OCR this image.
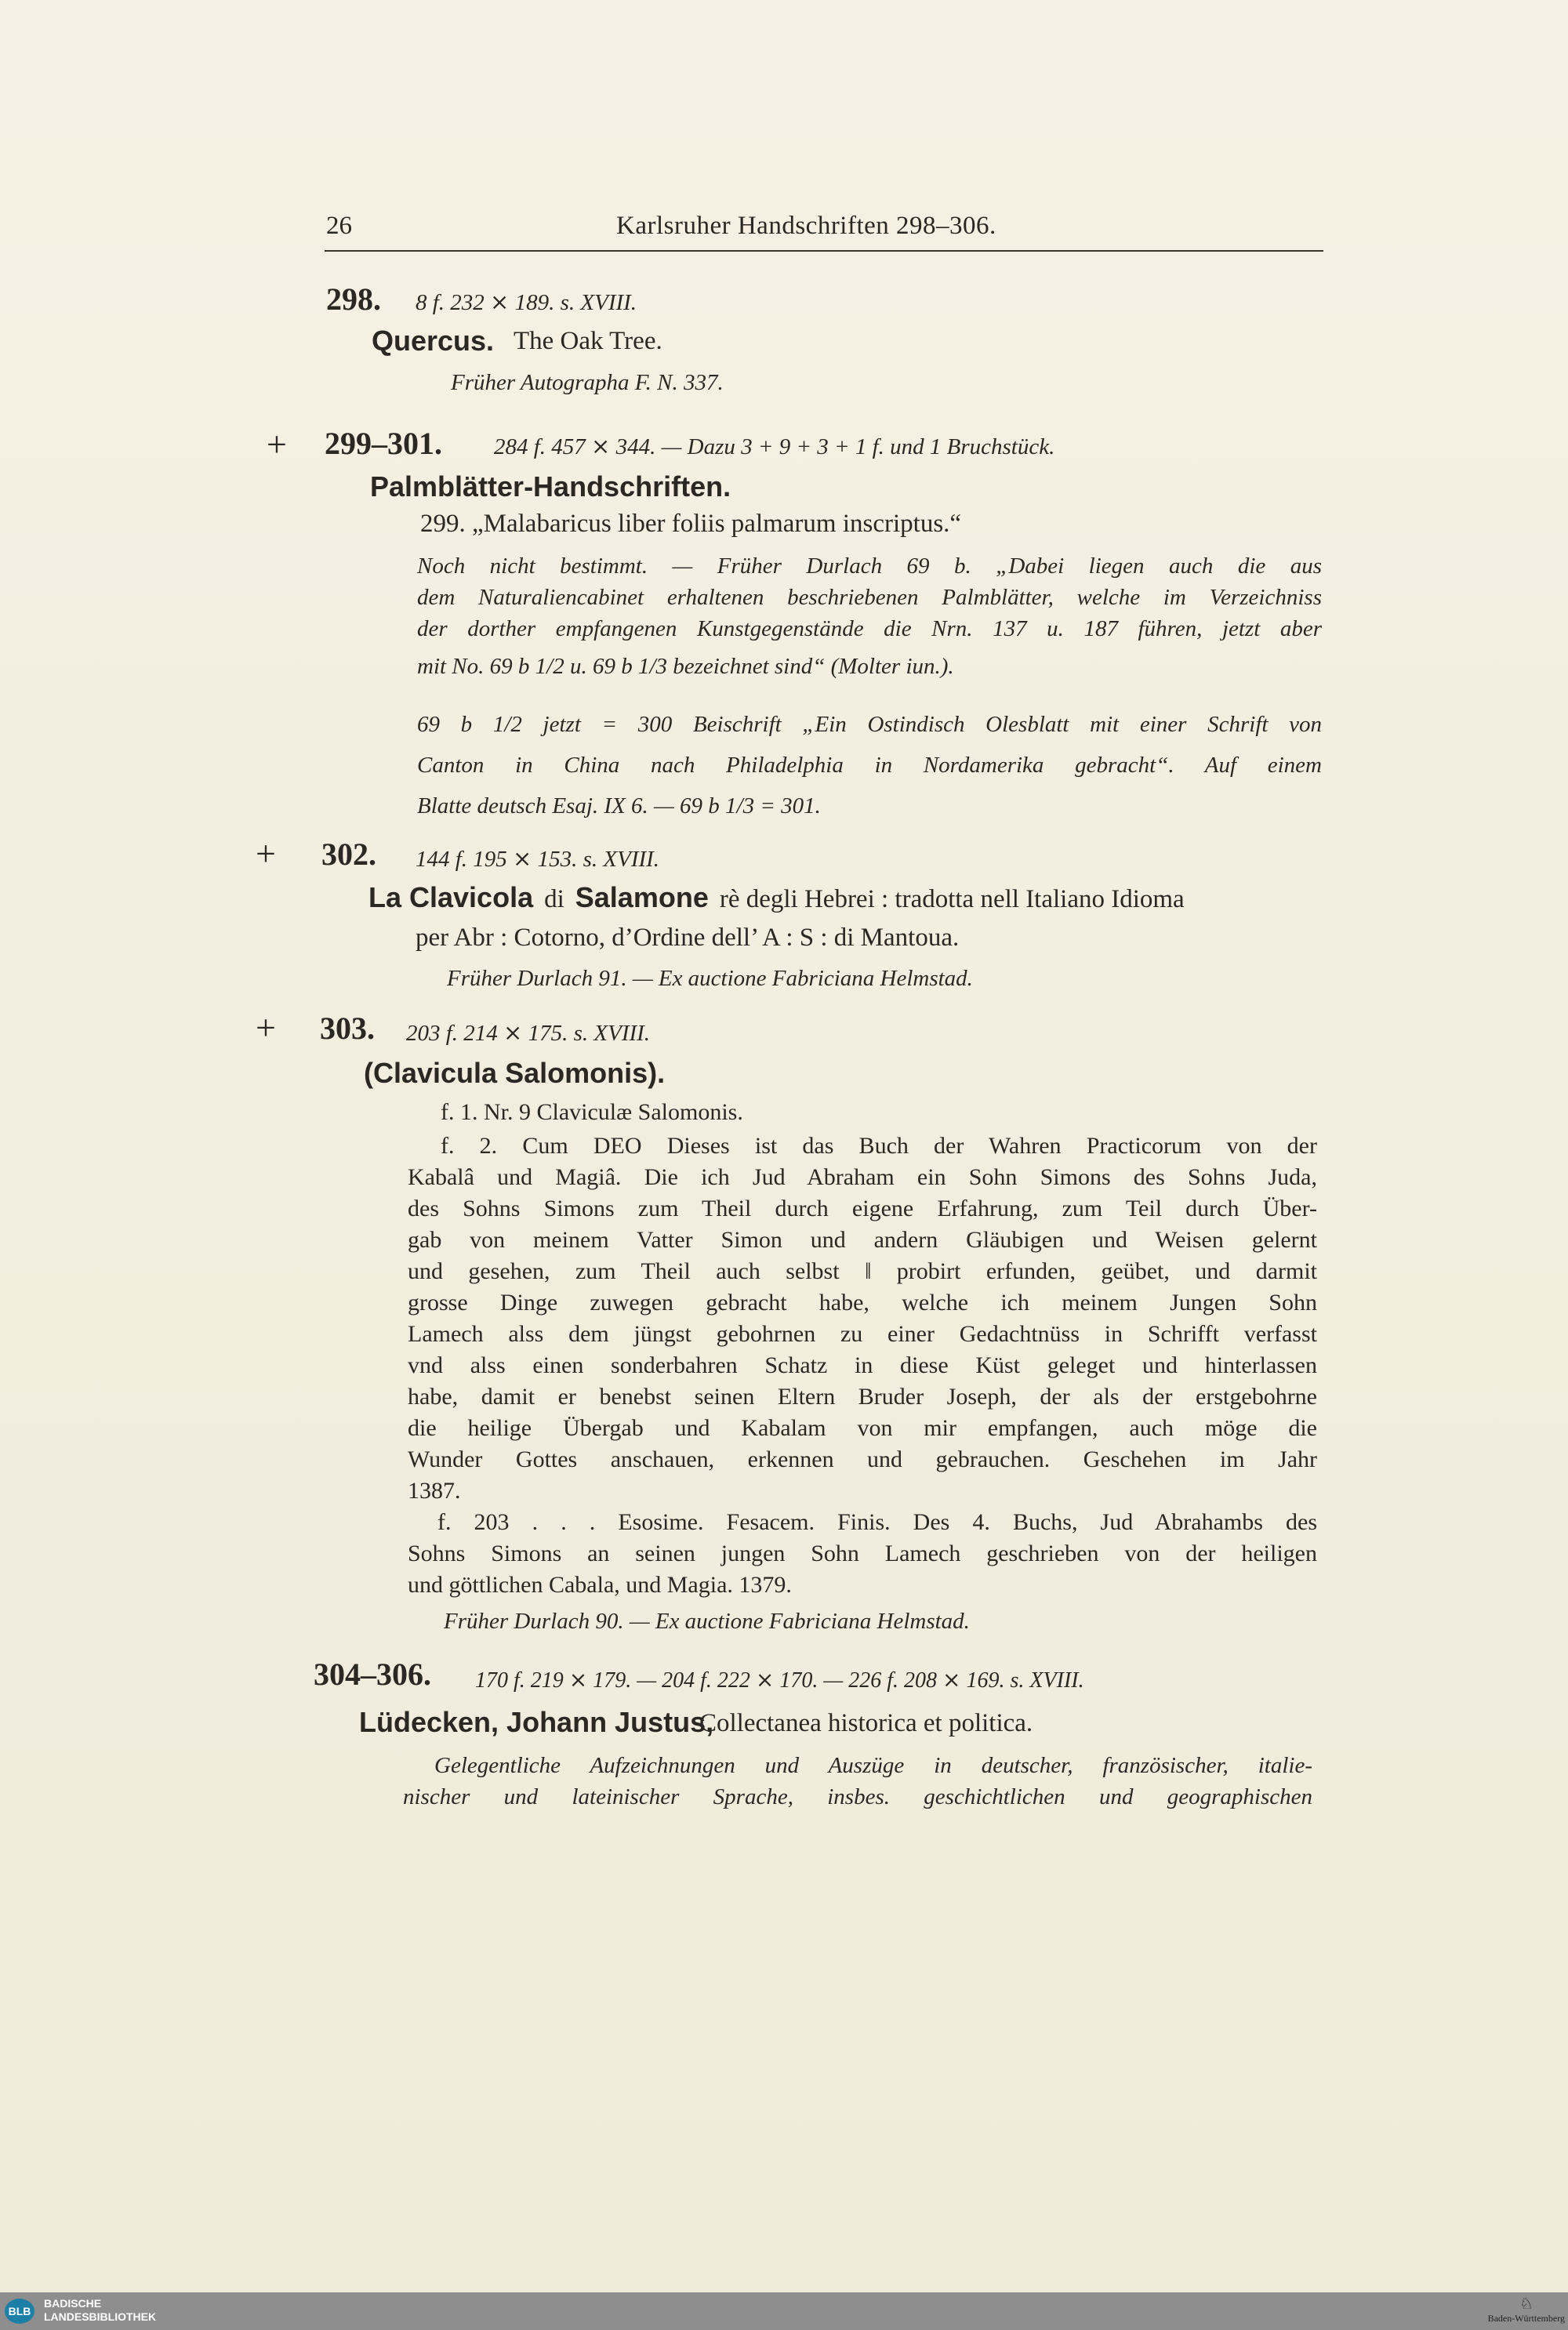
26	Karlsruher Handschriften 298–306.
298. 8 f. 232 ⨯ 189. s. XVIII.
Quercus. The Oak Tree.
Früher Autographa F. N. 337.
+ 299–301. 284 f. 457 ⨯ 344. — Dazu 3 + 9 + 3 + 1 f. und 1 Bruchstück.
Palmblätter-Handschriften.
299. „Malabaricus liber foliis palmarum inscriptus.“
Noch nicht bestimmt. — Früher Durlach 69 b. „Dabei liegen auch die aus
dem Naturaliencabinet erhaltenen beschriebenen Palmblätter, welche im Verzeichniss
der dorther empfangenen Kunstgegenstände die Nrn. 137 u. 187 führen, jetzt aber
mit No. 69 b 1/2 u. 69 b 1/3 bezeichnet sind“ (Molter iun.).
69 b 1/2 jetzt = 300 Beischrift „Ein Ostindisch Olesblatt mit einer Schrift von
Canton in China nach Philadelphia in Nordamerika gebracht“. Auf einem
Blatte deutsch Esaj. IX 6. — 69 b 1/3 = 301.
+ 302. 144 f. 195 ⨯ 153. s. XVIII.
La Clavicola di Salamone rè degli Hebrei : tradotta nell Italiano Idioma
per Abr : Cotorno, d’Ordine dell’ A : S : di Mantoua.
Früher Durlach 91. — Ex auctione Fabriciana Helmstad.
+ 303. 203 f. 214 ⨯ 175. s. XVIII.
(Clavicula Salomonis).
f. 1. Nr. 9 Claviculæ Salomonis.
f. 2. Cum DEO Dieses ist das Buch der Wahren Practicorum von der
Kabalâ und Magiâ. Die ich Jud Abraham ein Sohn Simons des Sohns Juda,
des Sohns Simons zum Theil durch eigene Erfahrung, zum Teil durch Über-
gab von meinem Vatter Simon und andern Gläubigen und Weisen gelernt
und gesehen, zum Theil auch selbst ‖ probirt erfunden, geübet, und darmit
grosse Dinge zuwegen gebracht habe, welche ich meinem Jungen Sohn
Lamech alss dem jüngst gebohrnen zu einer Gedachtnüss in Schrifft verfasst
vnd alss einen sonderbahren Schatz in diese Küst geleget und hinterlassen
habe, damit er benebst seinen Eltern Bruder Joseph, der als der erstgebohrne
die heilige Übergab und Kabalam von mir empfangen, auch möge die
Wunder Gottes anschauen, erkennen und gebrauchen. Geschehen im Jahr
1387.
f. 203 . . . Esosime. Fesacem. Finis. Des 4. Buchs, Jud Abrahambs des
Sohns Simons an seinen jungen Sohn Lamech geschrieben von der heiligen
und göttlichen Cabala, und Magia. 1379.
Früher Durlach 90. — Ex auctione Fabriciana Helmstad.
304–306. 170 f. 219 ⨯ 179. — 204 f. 222 ⨯ 170. — 226 f. 208 ⨯ 169. s. XVIII.
Lüdecken, Johann Justus,
Collectanea historica et politica.
Gelegentliche Aufzeichnungen und Auszüge in deutscher, französischer, italie-
nischer und lateinischer Sprache, insbes. geschichtlichen und geographischen
BLB
BADISCHE
LANDESBIBLIOTHEK
♘
Baden-Württemberg
